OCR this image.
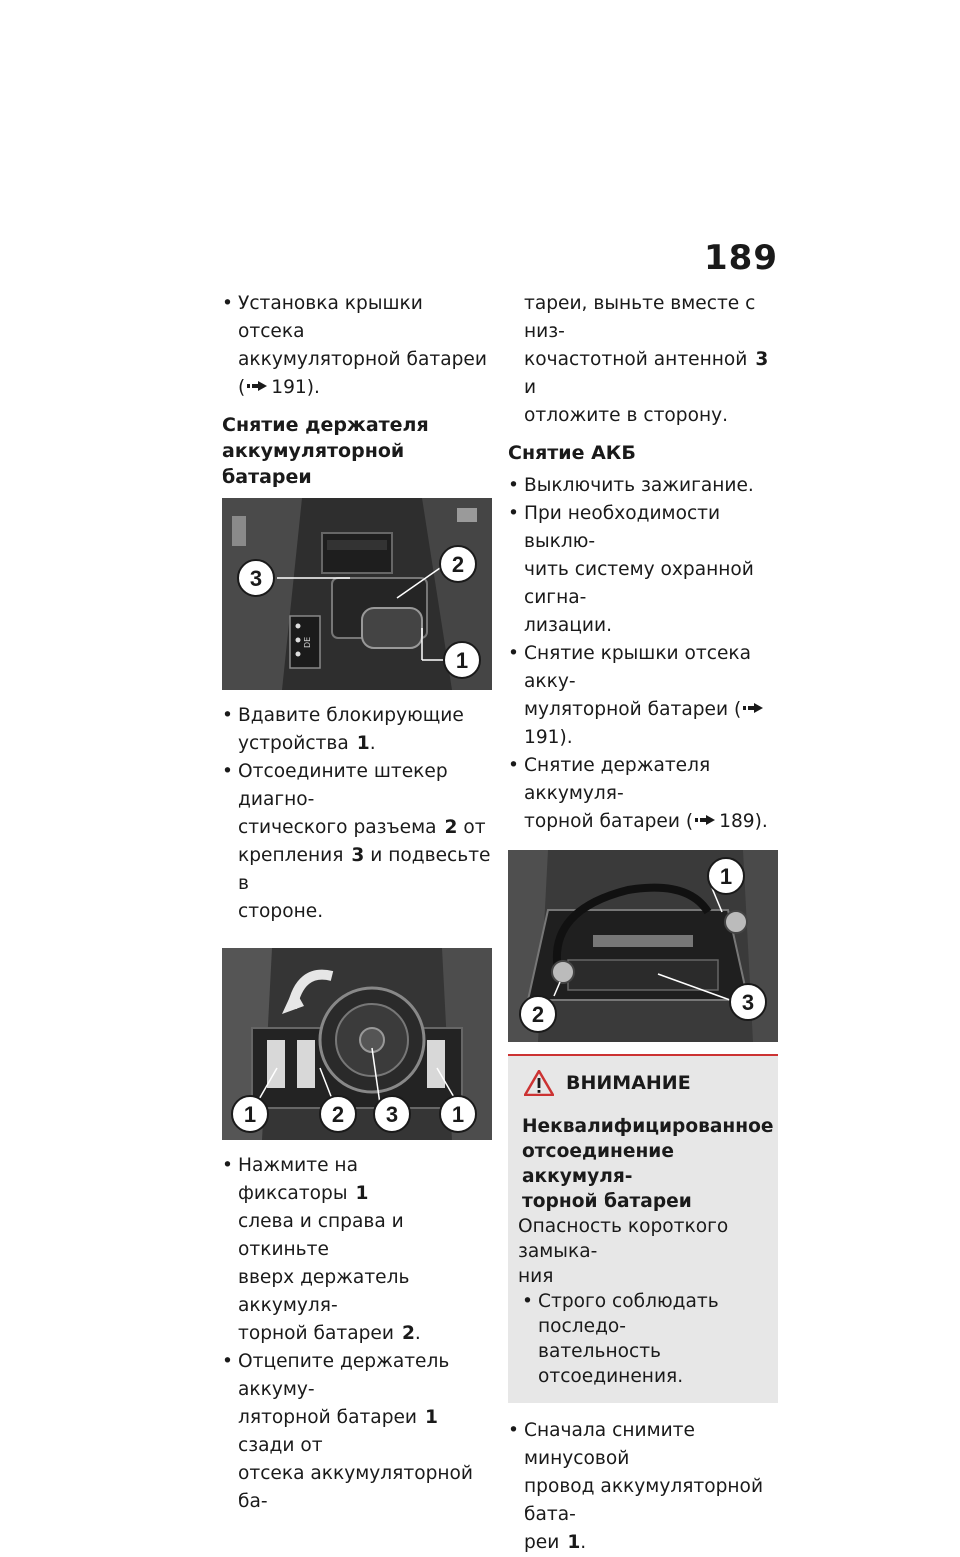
189
• Установка крышки отсека
аккумуляторной батареи
( 191).
Снятие держателя
аккумуляторной батареи
DE
3
2
1
• Вдавите блокирующие
устройства 1.
• Отсоедините штекер диагно-
стического разъема 2 от
крепления 3 и подвесьте в
стороне.
1	2 3 1
• Нажмите на фиксаторы 1
слева и справа и откиньте
вверх держатель аккумуля-
торной батареи 2.
• Отцепите держатель аккуму-
ляторной батареи 1 сзади от
отсека аккумуляторной ба-
тареи, выньте вместе с низ-
кочастотной антенной 3 и
отложите в сторону.
Снятие АКБ
• Выключить зажигание.
• При необходимости выклю-
чить систему охранной сигна-
лизации.
• Снятие крышки отсека акку-
муляторной батареи (191).
• Снятие держателя аккумуля-
торной батареи ( 189).
1
2	3
ВНИМАНИЕ
Неквалифицированное
отсоединение аккумуля-
торной батареи
Опасность короткого замыка-
ния
• Строго соблюдать последо-
вательность отсоединения.
• Сначала снимите минусовой
провод аккумуляторной бата-
реи 1.
